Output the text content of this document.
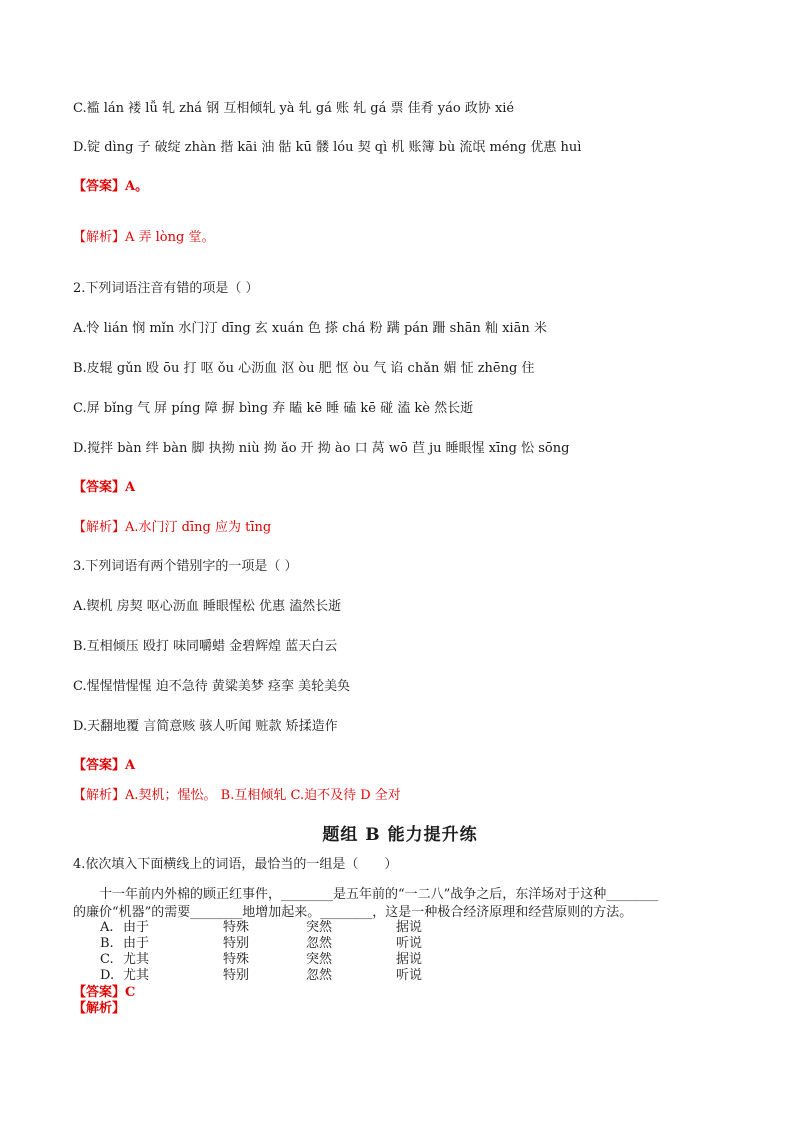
C.褴 lán 褛 lǚ 轧 zhá 钢 互相倾轧 yà 轧 gá 账 轧 gá 票 佳肴 yáo 政协 xié
D.锭 dìng 子 破绽 zhàn 揩 kāi 油 骷 kū 髅 lóu 契 qì 机 账簿 bù 流氓 méng 优惠 huì
【答案】A。
【解析】A 弄 lòng 堂。
2.下列词语注音有错的项是（ ）
A.怜 lián 悯 mǐn 水门汀 dīng 玄 xuán 色 搽 chá 粉 蹒 pán 跚 shān 籼 xiān 米
B.皮辊 gǔn 殴 ōu 打 呕 ǒu 心沥血 沤 òu 肥 怄 òu 气 谄 chǎn 媚 怔 zhēng 住
C.屏 bǐng 气 屏 píng 障 摒 bìng 弃 瞌 kē 睡 磕 kē 碰 溘 kè 然长逝
D.搅拌 bàn 绊 bàn 脚 执拗 niù 拗 ǎo 开 拗 ào 口 莴 wō 苣 ju 睡眼惺 xīng 忪 sōng
【答案】A
【解析】A.水门汀 dīng 应为 tīng
3.下列词语有两个错别字的一项是（ ）
A.锲机 房契 呕心沥血 睡眼惺松 优惠 溘然长逝
B.互相倾压 殴打 味同嚼蜡 金碧辉煌 蓝天白云
C.惺惺惜惺惺 迫不急待 黄粱美梦 痉挛 美轮美奂
D.天翻地覆 言简意赅 骇人听闻 赃款 矫揉造作
【答案】A
【解析】A.契机；惺忪。 B.互相倾轧 C.迫不及待 D 全对
题组 B 能力提升练
4.依次填入下面横线上的词语，最恰当的一组是（　　）
十一年前内外棉的顾正红事件，________是五年前的“一二八”战争之后，东洋场对于这种________
的廉价“机器”的需要________地增加起来。________，这是一种极合经济原理和经营原则的方法。
A. 由于	特殊	突然	据说
B. 由于	特别	忽然	听说
C. 尤其	特殊	突然	据说
D. 尤其	特别	忽然	听说
【答案】C
【解析】
